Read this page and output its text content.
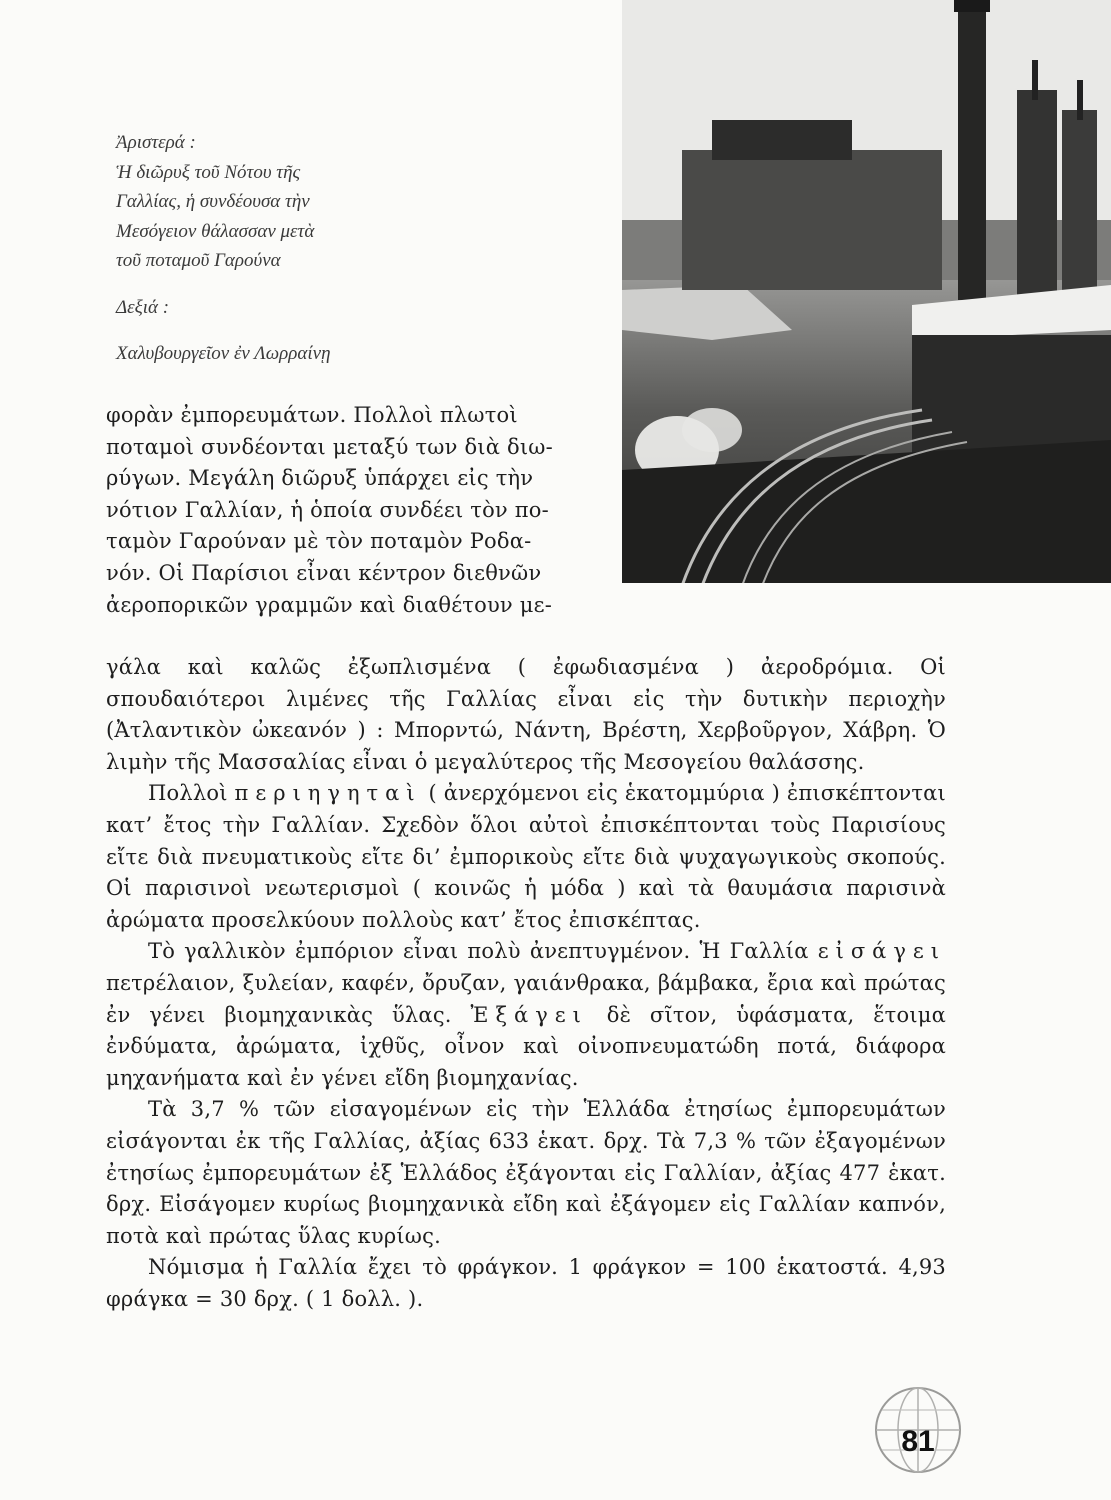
Ἀριστερά :
Ἡ διῶρυξ τοῦ Νότου τῆς
Γαλλίας, ἡ συνδέουσα τὴν
Μεσόγειον θάλασσαν μετὰ
τοῦ ποταμοῦ Γαρούνα
Δεξιά :
Χαλυβουργεῖον ἐν Λωρραίνῃ
φορὰν ἐμπορευμάτων. Πολλοὶ πλωτοὶ
ποταμοὶ συνδέονται μεταξύ των διὰ διω-
ρύγων. Μεγάλη διῶρυξ ὑπάρχει εἰς τὴν
νότιον Γαλλίαν, ἡ ὁποία συνδέει τὸν πο-
ταμὸν Γαρούναν μὲ τὸν ποταμὸν Ροδα-
νόν. Οἱ Παρίσιοι εἶναι κέντρον διεθνῶν
ἀεροπορικῶν γραμμῶν καὶ διαθέτουν με-

γάλα καὶ καλῶς ἐξωπλισμένα ( ἐφωδιασμένα ) ἀεροδρόμια. Οἱ σπουδαιότεροι λιμένες τῆς Γαλλίας εἶναι εἰς τὴν δυτικὴν περιοχὴν (Ἀτλαντικὸν ὠκεανόν ) : Μπορντώ, Νάντη, Βρέστη, Χερβοῦργον, Χάβρη. Ὁ λιμὴν τῆς Μασσαλίας εἶναι ὁ μεγαλύτερος τῆς Μεσογείου θαλάσσης.

Πολλοὶ περιηγηταὶ ( ἀνερχόμενοι εἰς ἑκατομμύρια ) ἐπισκέπτονται κατ’ ἔτος τὴν Γαλλίαν. Σχεδὸν ὅλοι αὐτοὶ ἐπισκέπτονται τοὺς Παρισίους εἴτε διὰ πνευματικοὺς εἴτε δι’ ἐμπορικοὺς εἴτε διὰ ψυχαγωγικοὺς σκοπούς. Οἱ παρισινοὶ νεωτερισμοὶ ( κοινῶς ἡ μόδα ) καὶ τὰ θαυμάσια παρισινὰ ἀρώματα προσελκύουν πολλοὺς κατ’ ἔτος ἐπισκέπτας.

Τὸ γαλλικὸν ἐμπόριον εἶναι πολὺ ἀνεπτυγμένον. Ἡ Γαλλία εἰσάγει πετρέλαιον, ξυλείαν, καφέν, ὄρυζαν, γαιάνθρακα, βάμβακα, ἔρια καὶ πρώτας ἐν γένει βιομηχανικὰς ὕλας. Ἐξάγει δὲ σῖτον, ὑφάσματα, ἕτοιμα ἐνδύματα, ἀρώματα, ἰχθῦς, οἶνον καὶ οἰνοπνευματώδη ποτά, διάφορα μηχανήματα καὶ ἐν γένει εἴδη βιομηχανίας.

Τὰ 3,7 % τῶν εἰσαγομένων εἰς τὴν Ἑλλάδα ἐτησίως ἐμπορευμάτων εἰσάγονται ἐκ τῆς Γαλλίας, ἀξίας 633 ἑκατ. δρχ. Τὰ 7,3 % τῶν ἐξαγομένων ἐτησίως ἐμπορευμάτων ἐξ Ἑλλάδος ἐξάγονται εἰς Γαλλίαν, ἀξίας 477 ἑκατ. δρχ. Εἰσάγομεν κυρίως βιομηχανικὰ εἴδη καὶ ἐξάγομεν εἰς Γαλλίαν καπνόν, ποτὰ καὶ πρώτας ὕλας κυρίως.

Νόμισμα ἡ Γαλλία ἔχει τὸ φράγκον. 1 φράγκον = 100 ἑκατοστά. 4,93 φράγκα = 30 δρχ. ( 1 δολλ. ).

81
